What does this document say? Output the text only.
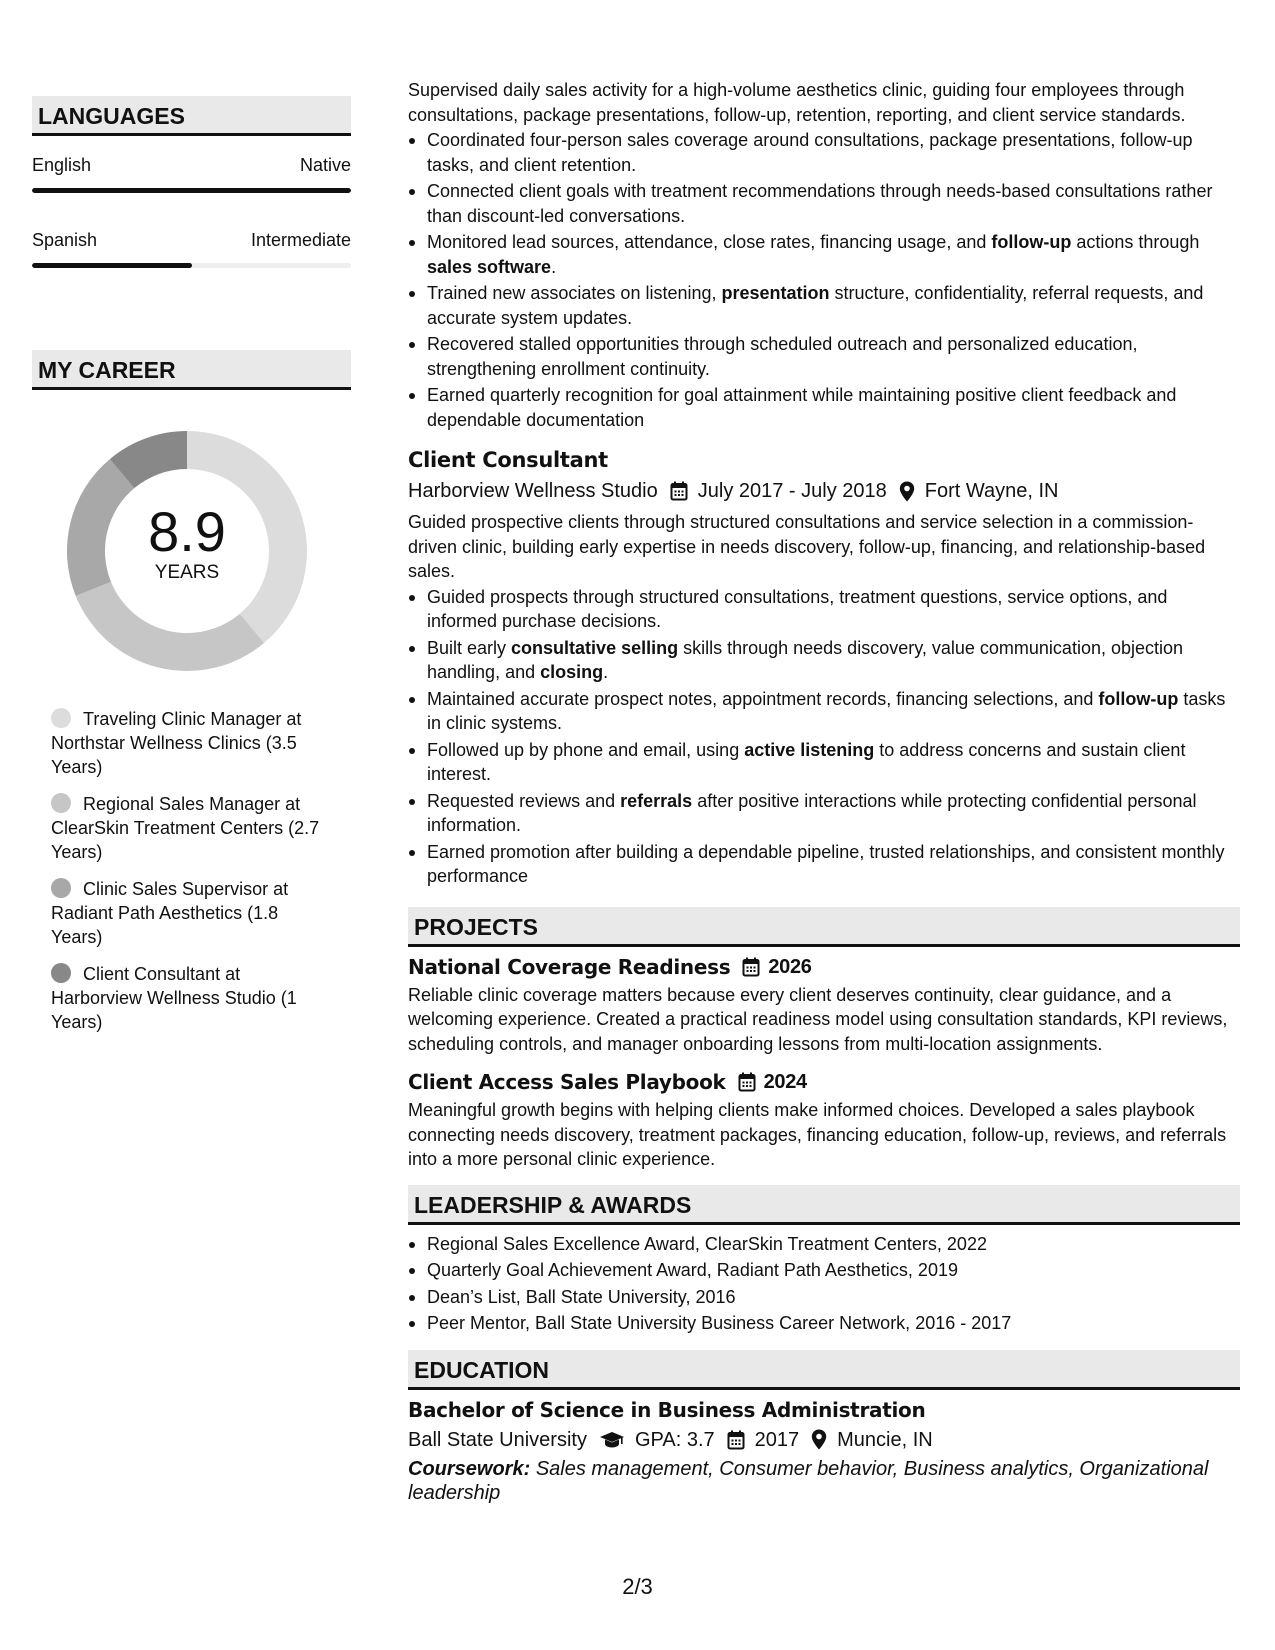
LANGUAGES
English	Native
Spanish	Intermediate
MY CAREER
8.9
YEARS
Traveling Clinic Manager at Northstar Wellness Clinics (3.5 Years)
Regional Sales Manager at ClearSkin Treatment Centers (2.7 Years)
Clinic Sales Supervisor at Radiant Path Aesthetics (1.8 Years)
Client Consultant at Harborview Wellness Studio (1 Years)

Supervised daily sales activity for a high-volume aesthetics clinic, guiding four employees through consultations, package presentations, follow-up, retention, reporting, and client service standards.

Coordinated four-person sales coverage around consultations, package presentations, follow-up tasks, and client retention.
Connected client goals with treatment recommendations through needs-based consultations rather than discount-led conversations.
Monitored lead sources, attendance, close rates, financing usage, and follow-up actions through sales software.
Trained new associates on listening, presentation structure, confidentiality, referral requests, and accurate system updates.
Recovered stalled opportunities through scheduled outreach and personalized education, strengthening enrollment continuity.
Earned quarterly recognition for goal attainment while maintaining positive client feedback and dependable documentation
Client Consultant
Harborview Wellness Studio July 2017 - July 2018 Fort Wayne, IN

Guided prospective clients through structured consultations and service selection in a commission-driven clinic, building early expertise in needs discovery, follow-up, financing, and relationship-based sales.

Guided prospects through structured consultations, treatment questions, service options, and informed purchase decisions.
Built early consultative selling skills through needs discovery, value communication, objection handling, and closing.
Maintained accurate prospect notes, appointment records, financing selections, and follow-up tasks in clinic systems.
Followed up by phone and email, using active listening to address concerns and sustain client interest.
Requested reviews and referrals after positive interactions while protecting confidential personal information.
Earned promotion after building a dependable pipeline, trusted relationships, and consistent monthly performance
PROJECTS
National Coverage Readiness 2026

Reliable clinic coverage matters because every client deserves continuity, clear guidance, and a welcoming experience. Created a practical readiness model using consultation standards, KPI reviews, scheduling controls, and manager onboarding lessons from multi-location assignments.

Client Access Sales Playbook 2024

Meaningful growth begins with helping clients make informed choices. Developed a sales playbook connecting needs discovery, treatment packages, financing education, follow-up, reviews, and referrals into a more personal clinic experience.

LEADERSHIP & AWARDS
Regional Sales Excellence Award, ClearSkin Treatment Centers, 2022
Quarterly Goal Achievement Award, Radiant Path Aesthetics, 2019
Dean’s List, Ball State University, 2016
Peer Mentor, Ball State University Business Career Network, 2016 - 2017
EDUCATION
Bachelor of Science in Business Administration
Ball State University GPA: 3.7 2017 Muncie, IN

Coursework: Sales management, Consumer behavior, Business analytics, Organizational leadership

2/3
